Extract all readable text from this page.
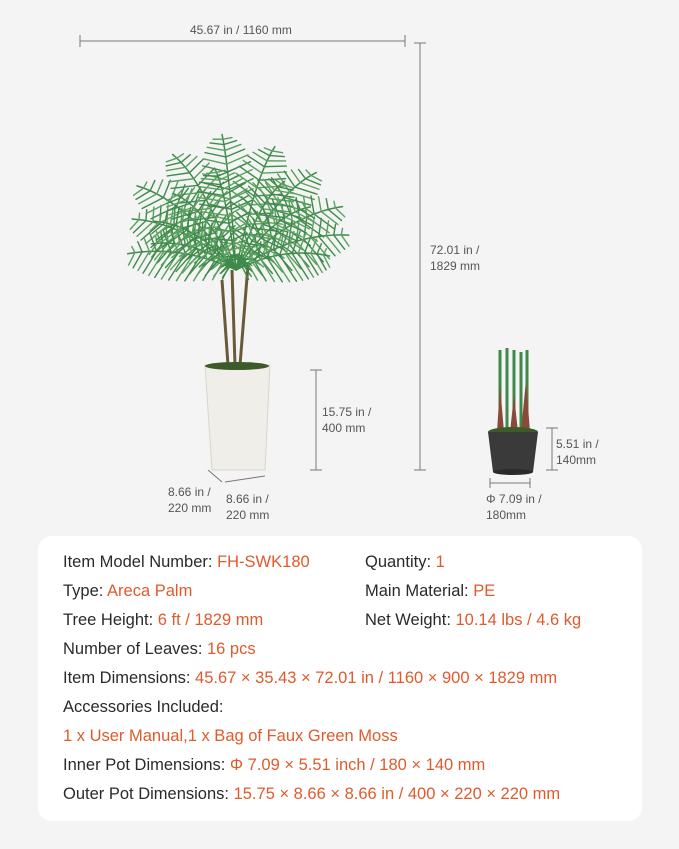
45.67 in / 1160 mm
72.01 in /
1829 mm
15.75 in /
400 mm
8.66 in /
220 mm
8.66 in /
220 mm
5.51 in /
140mm
Φ 7.09 in /
180mm
Item Model Number: FH-SWK180	Quantity: 1
Type: Areca Palm	Main Material: PE
Tree Height: 6 ft / 1829 mm	Net Weight: 10.14 lbs / 4.6 kg
Number of Leaves: 16 pcs
Item Dimensions: 45.67 × 35.43 × 72.01 in / 1160 × 900 × 1829 mm
Accessories Included:
1 x User Manual,1 x Bag of Faux Green Moss
Inner Pot Dimensions: Φ 7.09 × 5.51 inch / 180 × 140 mm
Outer Pot Dimensions: 15.75 × 8.66 × 8.66 in / 400 × 220 × 220 mm
